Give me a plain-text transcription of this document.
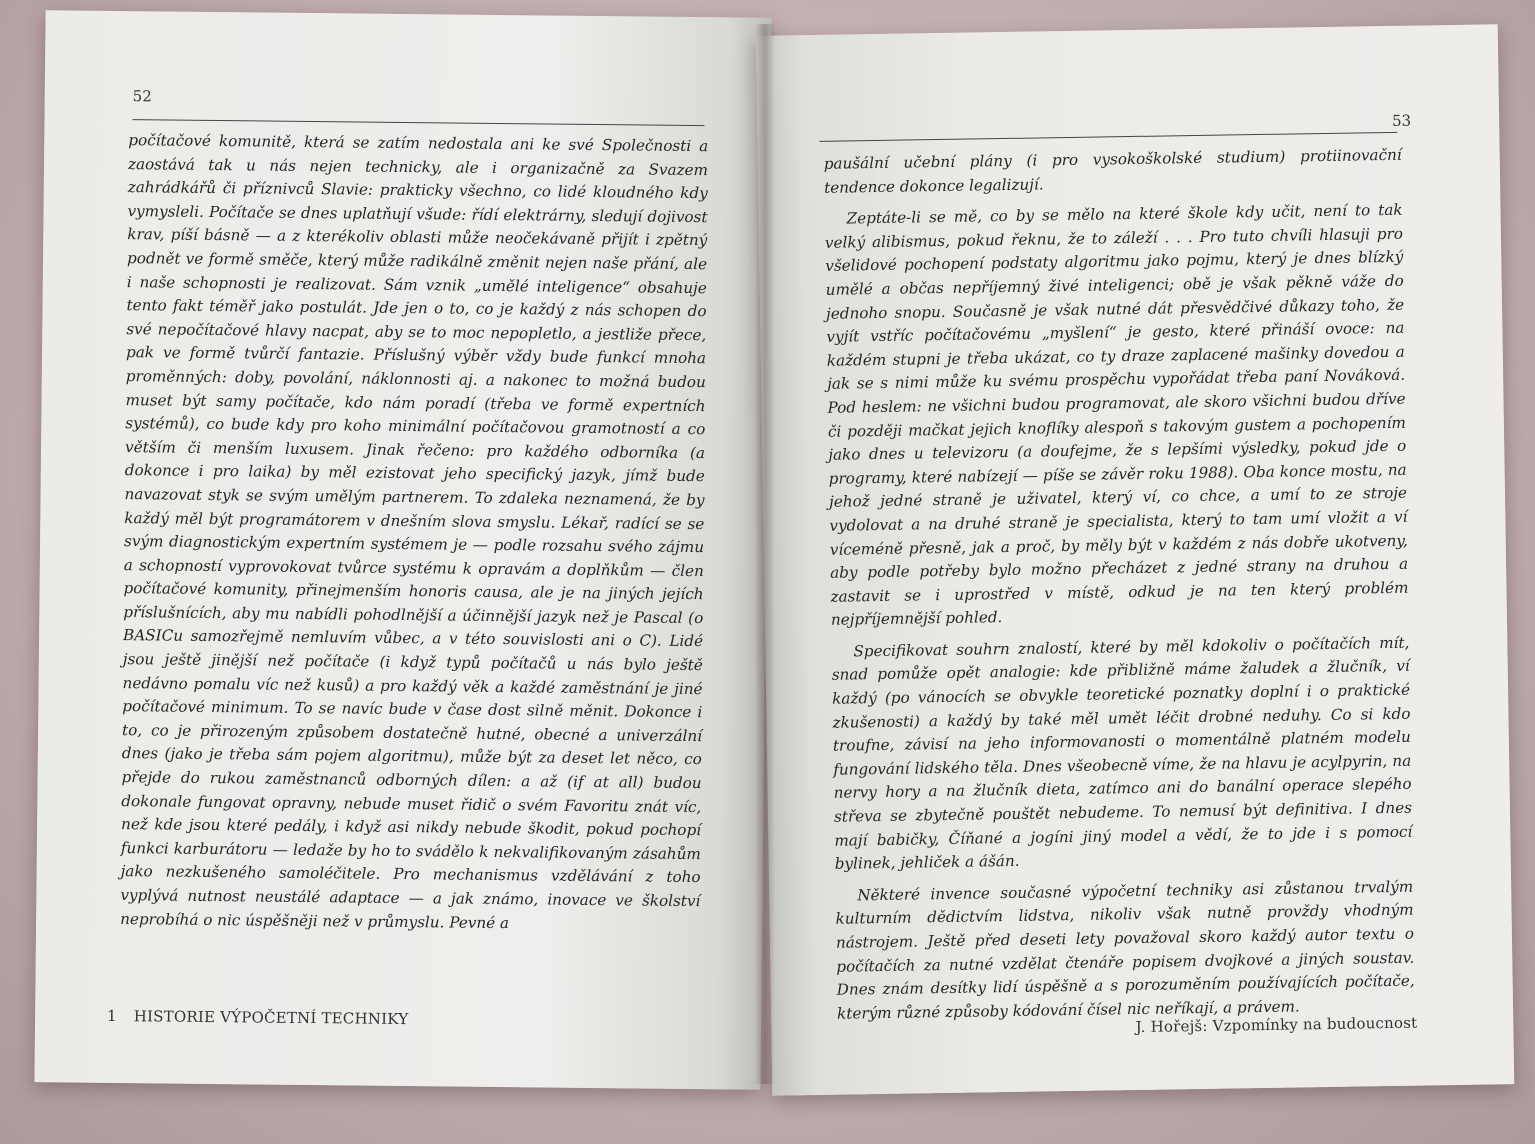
52

počítačové komunitě, která se zatím nedostala ani ke své Společnosti a zaostává tak u nás nejen technicky, ale i organizačně za Svazem zahrádkářů či příznivců Slavie: prakticky všechno, co lidé kloudného kdy vymysleli. Počítače se dnes uplatňují všude: řídí elektrárny, sledují dojivost krav, píší básně — a z kterékoliv oblasti může neočekávaně přijít i zpětný podnět ve formě směče, který může radikálně změnit nejen naše přání, ale i naše schopnosti je realizovat. Sám vznik „umělé inteligence“ obsahuje tento fakt téměř jako postulát. Jde jen o to, co je každý z nás schopen do své nepočítačové hlavy nacpat, aby se to moc nepopletlo, a jestliže přece, pak ve formě tvůrčí fantazie. Příslušný výběr vždy bude funkcí mnoha proměnných: doby, povolání, náklonnosti aj. a nakonec to možná budou muset být samy počítače, kdo nám poradí (třeba ve formě expertních systémů), co bude kdy pro koho minimální počítačovou gramotností a co větším či menším luxusem. Jinak řečeno: pro každého odborníka (a dokonce i pro laika) by měl ezistovat jeho specifický jazyk, jímž bude navazovat styk se svým umělým partnerem. To zdaleka neznamená, že by každý měl být programátorem v dnešním slova smyslu. Lékař, radící se se svým diagnostickým expertním systémem je — podle rozsahu svého zájmu a schopností vyprovokovat tvůrce systému k opravám a doplňkům — člen počítačové komunity, přinejmenším honoris causa, ale je na jiných jejích příslušnících, aby mu nabídli pohodlnější a účinnější jazyk než je Pascal (o BASICu samozřejmě nemluvím vůbec, a v této souvislosti ani o C). Lidé jsou ještě jinější než počítače (i když typů počítačů u nás bylo ještě nedávno pomalu víc než kusů) a pro každý věk a každé zaměstnání je jiné počítačové minimum. To se navíc bude v čase dost silně měnit. Dokonce i to, co je přirozeným způsobem dostatečně hutné, obecné a univerzální dnes (jako je třeba sám pojem algoritmu), může být za deset let něco, co přejde do rukou zaměstnanců odborných dílen: a až (if at all) budou dokonale fungovat opravny, nebude muset řidič o svém Favoritu znát víc, než kde jsou které pedály, i když asi nikdy nebude škodit, pokud pochopí funkci karburátoru — ledaže by ho to svádělo k nekvalifikovaným zásahům jako nezkušeného samoléčitele. Pro mechanismus vzdělávání z toho vyplývá nutnost neustálé adaptace — a jak známo, inovace ve školství neprobíhá o nic úspěšněji než v průmyslu. Pevné a

1 HISTORIE VÝPOČETNÍ TECHNIKY
53

paušální učební plány (i pro vysokoškolské studium) protiinovační tendence dokonce legalizují.

Zeptáte-li se mě, co by se mělo na které škole kdy učit, není to tak velký alibismus, pokud řeknu, že to záleží . . . Pro tuto chvíli hlasuji pro všelidové pochopení podstaty algoritmu jako pojmu, který je dnes blízký umělé a občas nepříjemný živé inteligenci; obě je však pěkně váže do jednoho snopu. Současně je však nutné dát přesvědčivé důkazy toho, že vyjít vstříc počítačovému „myšlení“ je gesto, které přináší ovoce: na každém stupni je třeba ukázat, co ty draze zaplacené mašinky dovedou a jak se s nimi může ku svému prospěchu vypořádat třeba paní Nováková. Pod heslem: ne všichni budou programovat, ale skoro všichni budou dříve či později mačkat jejich knoflíky alespoň s takovým gustem a pochopením jako dnes u televizoru (a doufejme, že s lepšími výsledky, pokud jde o programy, které nabízejí — píše se závěr roku 1988). Oba konce mostu, na jehož jedné straně je uživatel, který ví, co chce, a umí to ze stroje vydolovat a na druhé straně je specialista, který to tam umí vložit a ví víceméně přesně, jak a proč, by měly být v každém z nás dobře ukotveny, aby podle potřeby bylo možno přecházet z jedné strany na druhou a zastavit se i uprostřed v místě, odkud je na ten který problém nejpříjemnější pohled.

Specifikovat souhrn znalostí, které by měl kdokoliv o počítačích mít, snad pomůže opět analogie: kde přibližně máme žaludek a žlučník, ví každý (po vánocích se obvykle teoretické poznatky doplní i o praktické zkušenosti) a každý by také měl umět léčit drobné neduhy. Co si kdo troufne, závisí na jeho informovanosti o momentálně platném modelu fungování lidského těla. Dnes všeobecně víme, že na hlavu je acylpyrin, na nervy hory a na žlučník dieta, zatímco ani do banální operace slepého střeva se zbytečně pouštět nebudeme. To nemusí být definitiva. I dnes mají babičky, Číňané a jogíni jiný model a vědí, že to jde i s pomocí bylinek, jehliček a ášán.

Některé invence současné výpočetní techniky asi zůstanou trvalým kulturním dědictvím lidstva, nikoliv však nutně provždy vhodným nástrojem. Ještě před deseti lety považoval skoro každý autor textu o počítačích za nutné vzdělat čtenáře popisem dvojkové a jiných soustav. Dnes znám desítky lidí úspěšně a s porozuměním používajících počítače, kterým různé způsoby kódování čísel nic neříkají, a právem.

J. Hořejš: Vzpomínky na budoucnost
